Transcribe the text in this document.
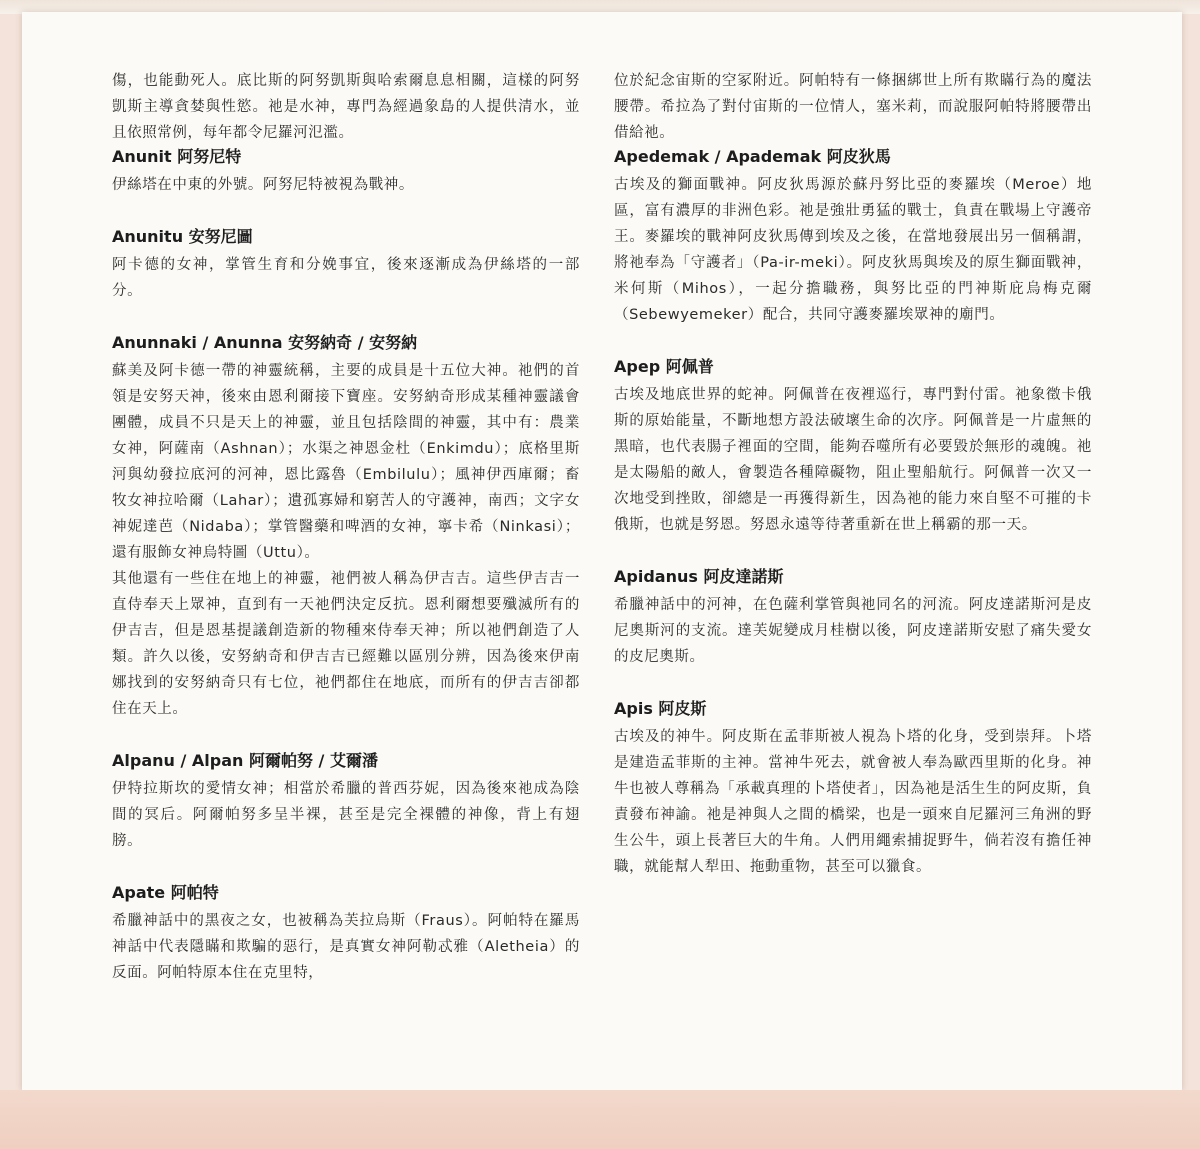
傷，也能動死人。底比斯的阿努凱斯與哈索爾息息相關，這樣的阿努凱斯主導貪婪與性慾。祂是水神，專門為經過象島的人提供清水，並且依照常例，每年都令尼羅河氾濫。

Anunit 阿努尼特

伊絲塔在中東的外號。阿努尼特被視為戰神。

Anunitu 安努尼圖

阿卡德的女神，掌管生育和分娩事宜，後來逐漸成為伊絲塔的一部分。

Anunnaki / Anunna 安努納奇 / 安努納

蘇美及阿卡德一帶的神靈統稱，主要的成員是十五位大神。祂們的首領是安努天神，後來由恩利爾接下寶座。安努納奇形成某種神靈議會團體，成員不只是天上的神靈，並且包括陰間的神靈，其中有：農業女神，阿薩南（Ashnan）；水渠之神恩金杜（Enkimdu）；底格里斯河與幼發拉底河的河神，恩比露魯（Embilulu）；風神伊西庫爾；畜牧女神拉哈爾（Lahar）；遺孤寡婦和窮苦人的守護神，南西；文字女神妮達芭（Nidaba）；掌管醫藥和啤酒的女神，寧卡希（Ninkasi）；還有服飾女神烏特圖（Uttu）。

其他還有一些住在地上的神靈，祂們被人稱為伊吉吉。這些伊吉吉一直侍奉天上眾神，直到有一天祂們決定反抗。恩利爾想要殲滅所有的伊吉吉，但是恩基提議創造新的物種來侍奉天神；所以祂們創造了人類。許久以後，安努納奇和伊吉吉已經難以區別分辨，因為後來伊南娜找到的安努納奇只有七位，祂們都住在地底，而所有的伊吉吉卻都住在天上。

Alpanu / Alpan 阿爾帕努 / 艾爾潘

伊特拉斯坎的愛情女神；相當於希臘的普西芬妮，因為後來祂成為陰間的冥后。阿爾帕努多呈半裸，甚至是完全裸體的神像，背上有翅膀。

Apate 阿帕特

希臘神話中的黑夜之女，也被稱為芙拉烏斯（Fraus）。阿帕特在羅馬神話中代表隱瞞和欺騙的惡行，是真實女神阿勒忒雅（Aletheia）的反面。阿帕特原本住在克里特，

位於紀念宙斯的空冢附近。阿帕特有一條捆綁世上所有欺瞞行為的魔法腰帶。希拉為了對付宙斯的一位情人，塞米莉，而說服阿帕特將腰帶出借給祂。

Apedemak / Apademak 阿皮狄馬

古埃及的獅面戰神。阿皮狄馬源於蘇丹努比亞的麥羅埃（Meroe）地區，富有濃厚的非洲色彩。祂是強壯勇猛的戰士，負責在戰場上守護帝王。麥羅埃的戰神阿皮狄馬傳到埃及之後，在當地發展出另一個稱謂，將祂奉為「守護者」（Pa-ir-meki）。阿皮狄馬與埃及的原生獅面戰神，米何斯（Mihos），一起分擔職務，與努比亞的門神斯庇烏梅克爾（Sebewyemeker）配合，共同守護麥羅埃眾神的廟門。

Apep 阿佩普

古埃及地底世界的蛇神。阿佩普在夜裡巡行，專門對付雷。祂象徵卡俄斯的原始能量，不斷地想方設法破壞生命的次序。阿佩普是一片虛無的黑暗，也代表腸子裡面的空間，能夠吞噬所有必要毀於無形的魂魄。祂是太陽船的敵人，會製造各種障礙物，阻止聖船航行。阿佩普一次又一次地受到挫敗，卻總是一再獲得新生，因為祂的能力來自堅不可摧的卡俄斯，也就是努恩。努恩永遠等待著重新在世上稱霸的那一天。

Apidanus 阿皮達諾斯

希臘神話中的河神，在色薩利掌管與祂同名的河流。阿皮達諾斯河是皮尼奧斯河的支流。達芙妮變成月桂樹以後，阿皮達諾斯安慰了痛失愛女的皮尼奧斯。

Apis 阿皮斯

古埃及的神牛。阿皮斯在孟菲斯被人視為卜塔的化身，受到崇拜。卜塔是建造孟菲斯的主神。當神牛死去，就會被人奉為歐西里斯的化身。神牛也被人尊稱為「承載真理的卜塔使者」，因為祂是活生生的阿皮斯，負責發布神諭。祂是神與人之間的橋梁，也是一頭來自尼羅河三角洲的野生公牛，頭上長著巨大的牛角。人們用繩索捕捉野牛，倘若沒有擔任神職，就能幫人犁田、拖動重物，甚至可以獵食。
